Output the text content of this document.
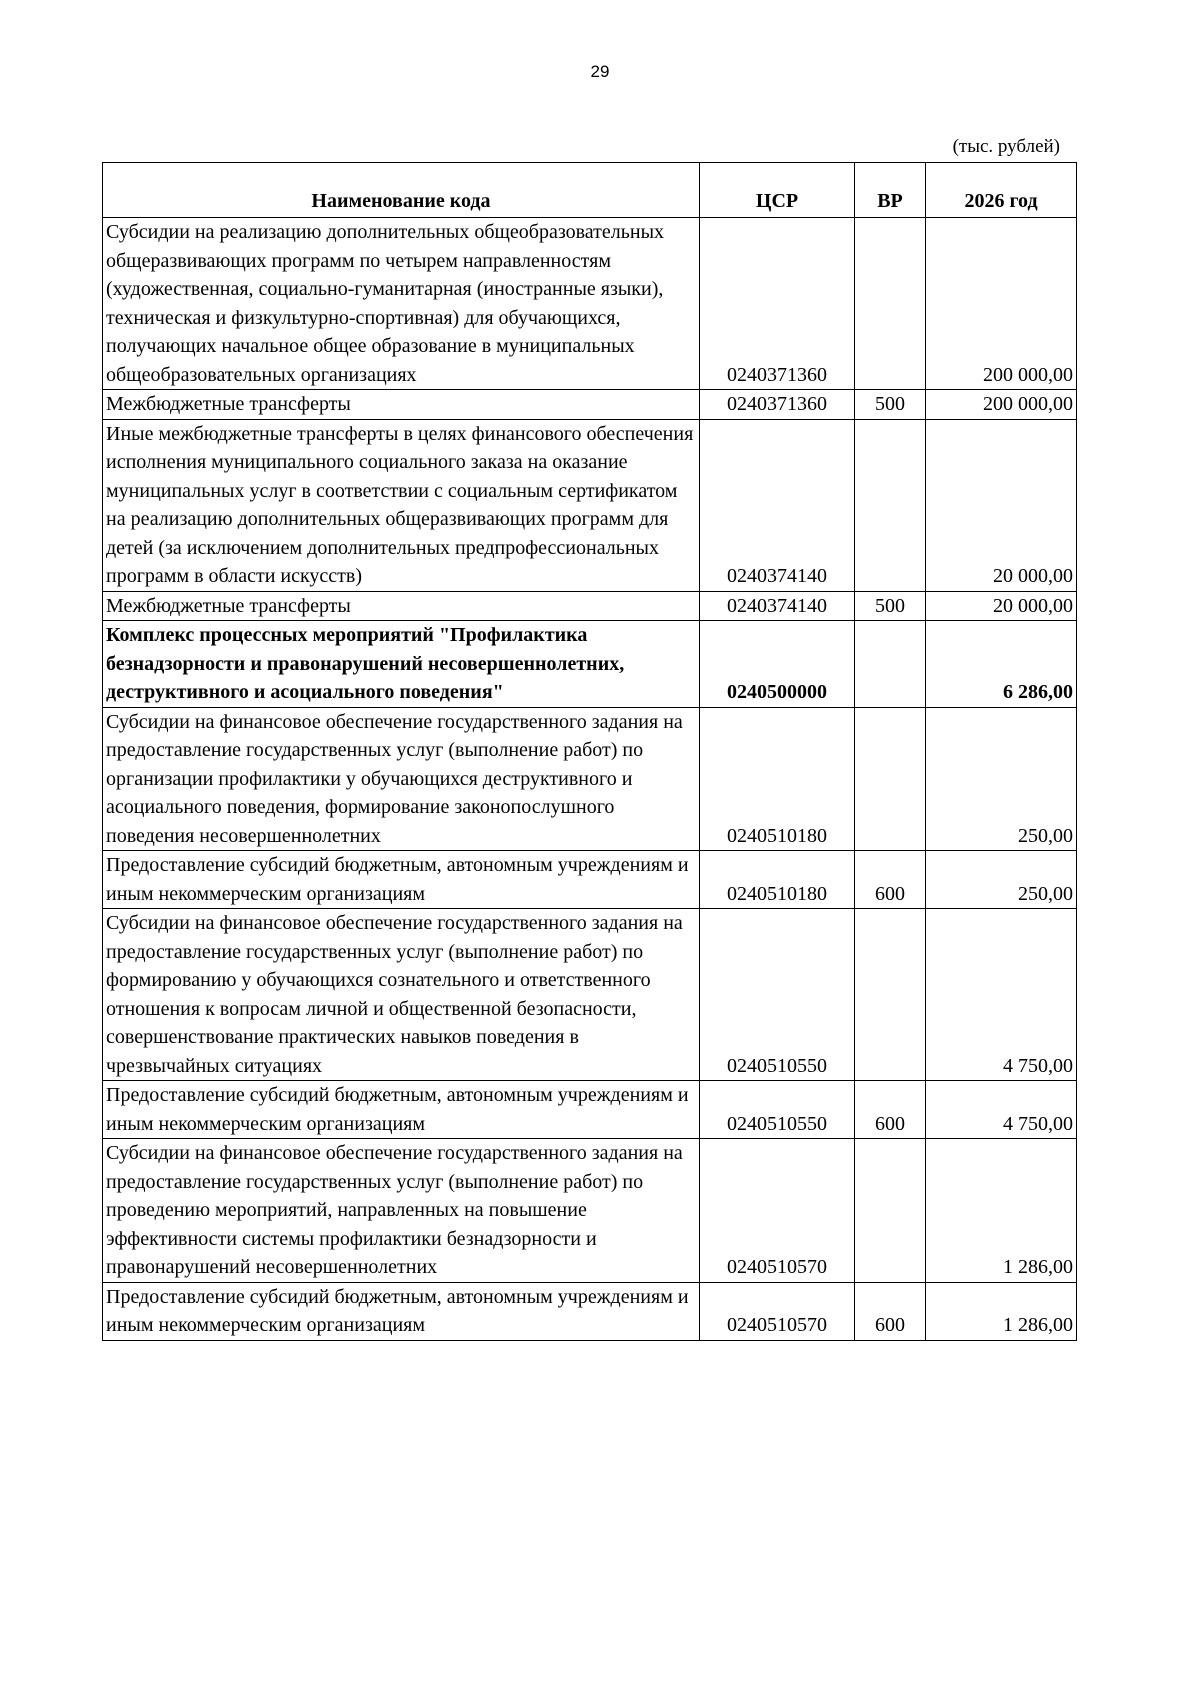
29
(тыс. рублей)
Наименование кода	ЦСР	ВР	2026 год
Субсидии на реализацию дополнительных общеобразовательных общеразвивающих программ по четырем направленностям (художественная, социально-гуманитарная (иностранные языки), техническая и физкультурно-спортивная) для обучающихся, получающих начальное общее образование в муниципальных общеобразовательных организациях	0240371360		200 000,00
Межбюджетные трансферты	0240371360	500	200 000,00
Иные межбюджетные трансферты в целях финансового обеспечения исполнения муниципального социального заказа на оказание муниципальных услуг в соответствии с социальным сертификатом на реализацию дополнительных общеразвивающих программ для детей (за исключением дополнительных предпрофессиональных программ в области искусств)	0240374140		20 000,00
Межбюджетные трансферты	0240374140	500	20 000,00
Комплекс процессных мероприятий "Профилактика безнадзорности и правонарушений несовершеннолетних, деструктивного и асоциального поведения"	0240500000		6 286,00
Субсидии на финансовое обеспечение государственного задания на предоставление государственных услуг (выполнение работ) по организации профилактики у обучающихся деструктивного и асоциального поведения, формирование законопослушного поведения несовершеннолетних	0240510180		250,00
Предоставление субсидий бюджетным, автономным учреждениям и иным некоммерческим организациям	0240510180	600	250,00
Субсидии на финансовое обеспечение государственного задания на предоставление государственных услуг (выполнение работ) по формированию у обучающихся сознательного и ответственного отношения к вопросам личной и общественной безопасности, совершенствование практических навыков поведения в чрезвычайных ситуациях	0240510550		4 750,00
Предоставление субсидий бюджетным, автономным учреждениям и иным некоммерческим организациям	0240510550	600	4 750,00
Субсидии на финансовое обеспечение государственного задания на предоставление государственных услуг (выполнение работ) по проведению мероприятий, направленных на повышение эффективности системы профилактики безнадзорности и правонарушений несовершеннолетних	0240510570		1 286,00
Предоставление субсидий бюджетным, автономным учреждениям и иным некоммерческим организациям	0240510570	600	1 286,00
